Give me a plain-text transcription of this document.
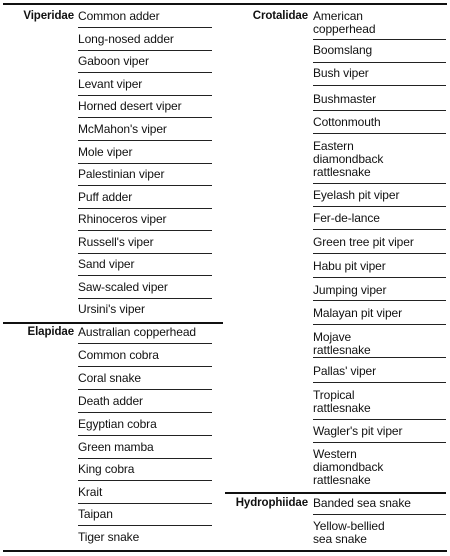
Viperidae Common adder
Long-nosed adder
Gaboon viper
Levant viper
Horned desert viper
McMahon's viper
Mole viper
Palestinian viper
Puff adder
Rhinoceros viper
Russell's viper
Sand viper
Saw-scaled viper
Ursini's viper
Elapidae Australian copperhead
Common cobra
Coral snake
Death adder
Egyptian cobra
Green mamba
King cobra
Krait
Taipan
Tiger snake
Crotalidae American
copperhead
Boomslang
Bush viper
Bushmaster
Cottonmouth
Eastern
diamondback
rattlesnake
Eyelash pit viper
Fer-de-lance
Green tree pit viper
Habu pit viper
Jumping viper
Malayan pit viper
Mojave
rattlesnake
Pallas' viper
Tropical
rattlesnake
Wagler's pit viper
Western
diamondback
rattlesnake
Hydrophiidae Banded sea snake
Yellow-bellied
sea snake
